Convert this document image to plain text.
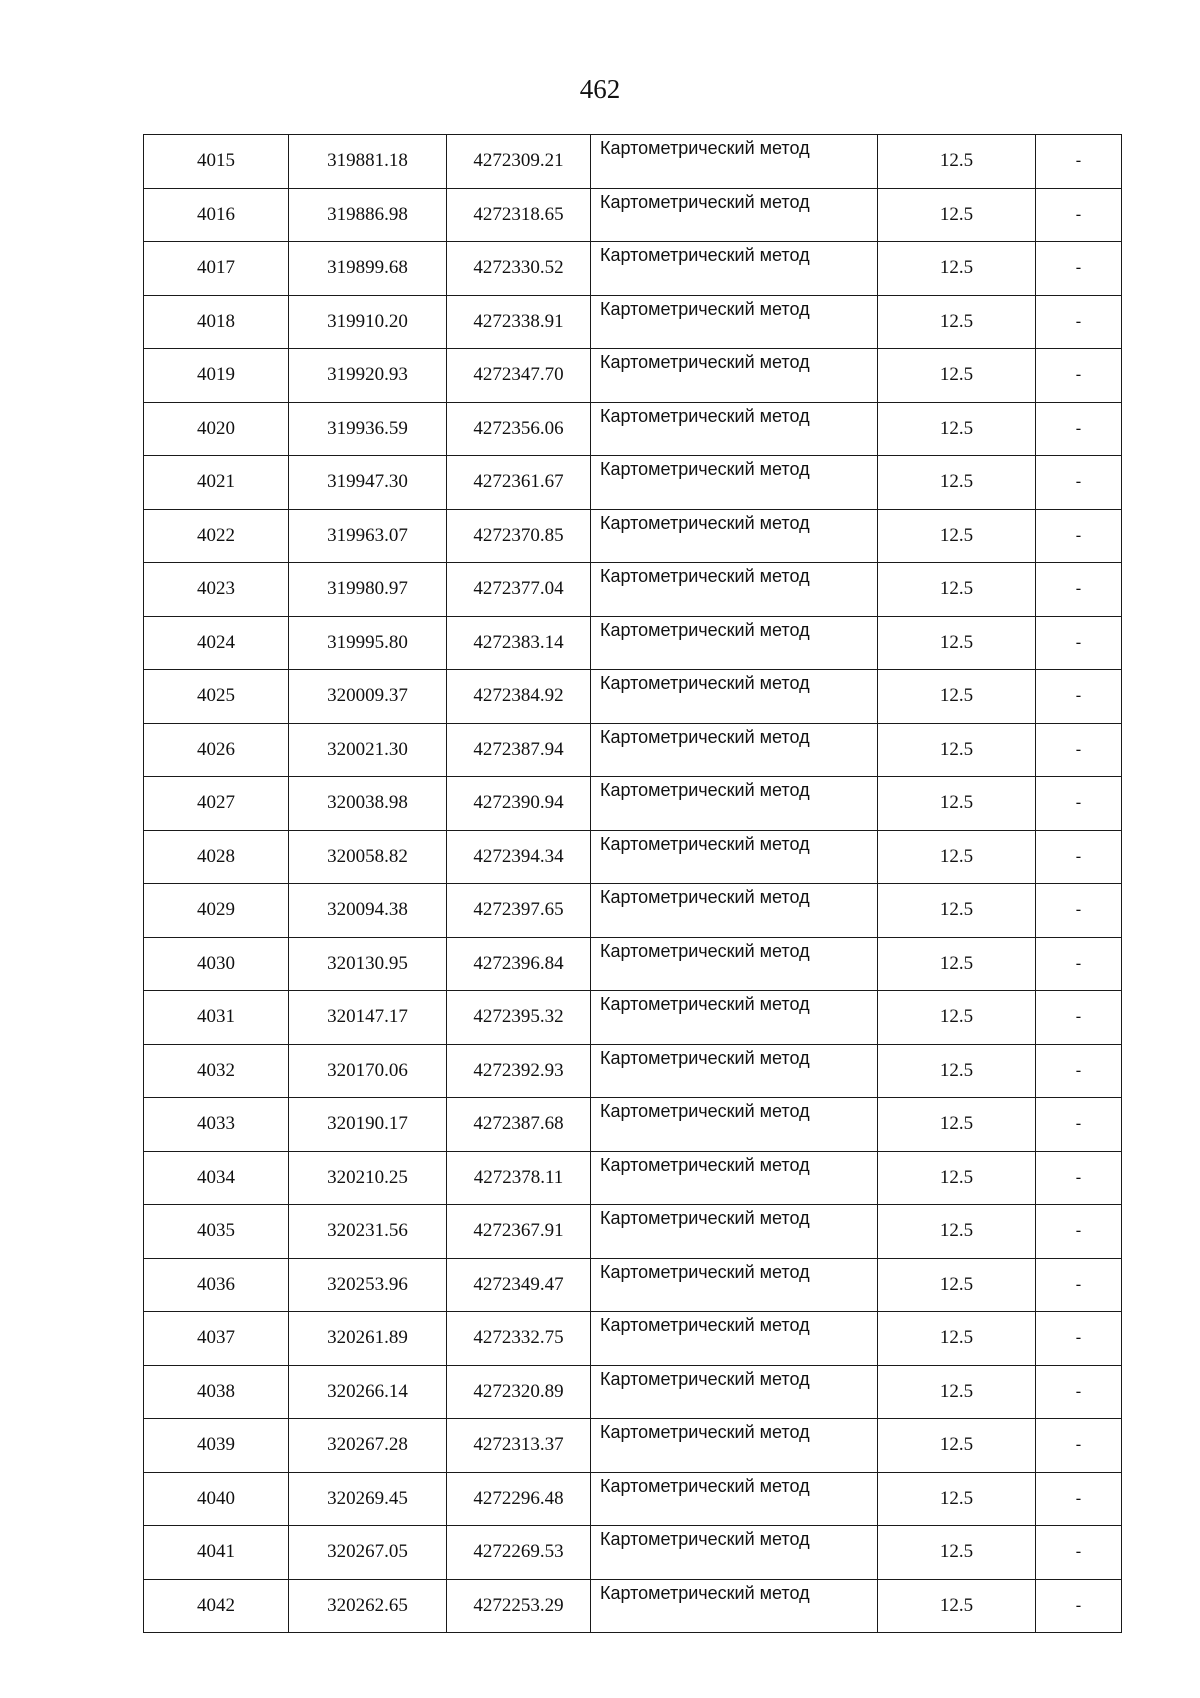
462
4015	319881.18	4272309.21	Картометрический метод	12.5	-
4016	319886.98	4272318.65	Картометрический метод	12.5	-
4017	319899.68	4272330.52	Картометрический метод	12.5	-
4018	319910.20	4272338.91	Картометрический метод	12.5	-
4019	319920.93	4272347.70	Картометрический метод	12.5	-
4020	319936.59	4272356.06	Картометрический метод	12.5	-
4021	319947.30	4272361.67	Картометрический метод	12.5	-
4022	319963.07	4272370.85	Картометрический метод	12.5	-
4023	319980.97	4272377.04	Картометрический метод	12.5	-
4024	319995.80	4272383.14	Картометрический метод	12.5	-
4025	320009.37	4272384.92	Картометрический метод	12.5	-
4026	320021.30	4272387.94	Картометрический метод	12.5	-
4027	320038.98	4272390.94	Картометрический метод	12.5	-
4028	320058.82	4272394.34	Картометрический метод	12.5	-
4029	320094.38	4272397.65	Картометрический метод	12.5	-
4030	320130.95	4272396.84	Картометрический метод	12.5	-
4031	320147.17	4272395.32	Картометрический метод	12.5	-
4032	320170.06	4272392.93	Картометрический метод	12.5	-
4033	320190.17	4272387.68	Картометрический метод	12.5	-
4034	320210.25	4272378.11	Картометрический метод	12.5	-
4035	320231.56	4272367.91	Картометрический метод	12.5	-
4036	320253.96	4272349.47	Картометрический метод	12.5	-
4037	320261.89	4272332.75	Картометрический метод	12.5	-
4038	320266.14	4272320.89	Картометрический метод	12.5	-
4039	320267.28	4272313.37	Картометрический метод	12.5	-
4040	320269.45	4272296.48	Картометрический метод	12.5	-
4041	320267.05	4272269.53	Картометрический метод	12.5	-
4042	320262.65	4272253.29	Картометрический метод	12.5	-
